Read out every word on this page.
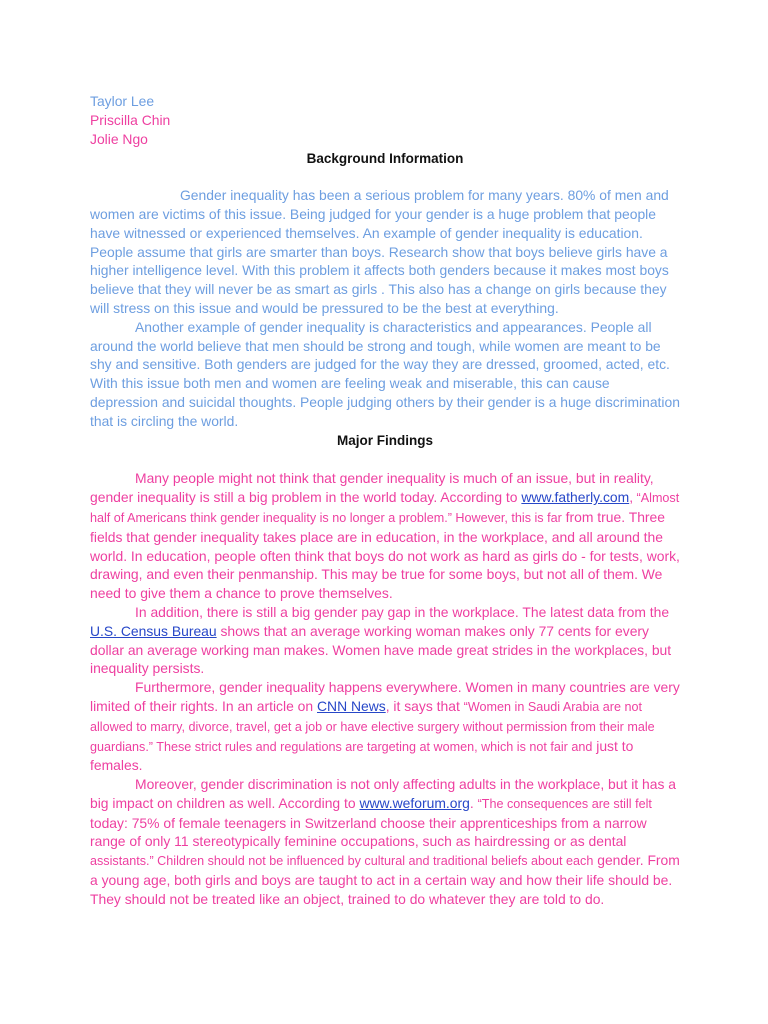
Taylor Lee

Priscilla Chin

Jolie Ngo

Background Information

Gender inequality has been a serious problem for many years. 80% of men and women are victims of this issue. Being judged for your gender is a huge problem that people have witnessed or experienced themselves. An example of gender inequality is education. People assume that girls are smarter than boys. Research show that boys believe girls have a higher intelligence level. With this problem it affects both genders because it makes most boys believe that they will never be as smart as girls . This also has a change on girls because they will stress on this issue and would be pressured to be the best at everything.

Another example of gender inequality is characteristics and appearances. People all around the world believe that men should be strong and tough, while women are meant to be shy and sensitive. Both genders are judged for the way they are dressed, groomed, acted, etc. With this issue both men and women are feeling weak and miserable, this can cause depression and suicidal thoughts. People judging others by their gender is a huge discrimination that is circling the world.

Major Findings

Many people might not think that gender inequality is much of an issue, but in reality, gender inequality is still a big problem in the world today. According to www.fatherly.com, “Almost half of Americans think gender inequality is no longer a problem.” However, this is far from true. Three fields that gender inequality takes place are in education, in the workplace, and all around the world. In education, people often think that boys do not work as hard as girls do - for tests, work, drawing, and even their penmanship. This may be true for some boys, but not all of them. We need to give them a chance to prove themselves.

In addition, there is still a big gender pay gap in the workplace. The latest data from the U.S. Census Bureau shows that an average working woman makes only 77 cents for every dollar an average working man makes. Women have made great strides in the workplaces, but inequality persists.

Furthermore, gender inequality happens everywhere. Women in many countries are very limited of their rights. In an article on CNN News, it says that “Women in Saudi Arabia are not allowed to marry, divorce, travel, get a job or have elective surgery without permission from their male guardians.” These strict rules and regulations are targeting at women, which is not fair and just to females.

Moreover, gender discrimination is not only affecting adults in the workplace, but it has a big impact on children as well. According to www.weforum.org. “The consequences are still felt today: 75% of female teenagers in Switzerland choose their apprenticeships from a narrow range of only 11 stereotypically feminine occupations, such as hairdressing or as dental assistants.” Children should not be influenced by cultural and traditional beliefs about each gender. From a young age, both girls and boys are taught to act in a certain way and how their life should be. They should not be treated like an object, trained to do whatever they are told to do.
